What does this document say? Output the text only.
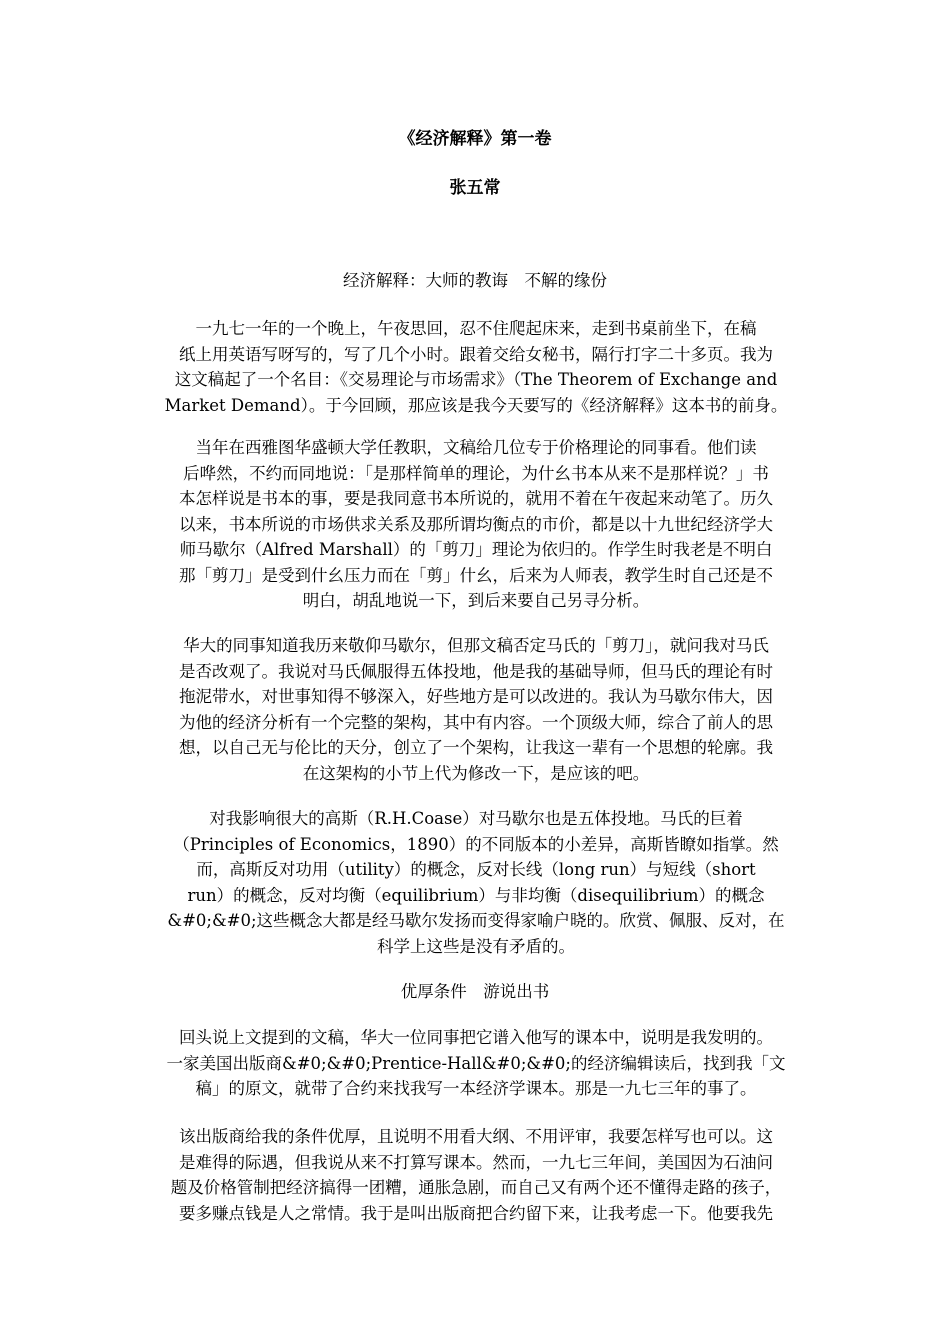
《经济解释》第一卷
张五常
经济解释：大师的教诲　不解的缘份
一九七一年的一个晚上，午夜思回，忍不住爬起床来，走到书桌前坐下，在稿
纸上用英语写呀写的，写了几个小时。跟着交给女秘书，隔行打字二十多页。我为
这文稿起了一个名目：《交易理论与市场需求》（The Theorem of Exchange and
Market Demand）。于今回顾，那应该是我今天要写的《经济解释》这本书的前身。
当年在西雅图华盛顿大学任教职，文稿给几位专于价格理论的同事看。他们读
后哗然，不约而同地说：「是那样简单的理论，为什幺书本从来不是那样说？」书
本怎样说是书本的事，要是我同意书本所说的，就用不着在午夜起来动笔了。历久
以来，书本所说的市场供求关系及那所谓均衡点的市价，都是以十九世纪经济学大
师马歇尔（Alfred Marshall）的「剪刀」理论为依归的。作学生时我老是不明白
那「剪刀」是受到什幺压力而在「剪」什幺，后来为人师表，教学生时自己还是不
明白，胡乱地说一下，到后来要自己另寻分析。
华大的同事知道我历来敬仰马歇尔，但那文稿否定马氏的「剪刀」，就问我对马氏
是否改观了。我说对马氏佩服得五体投地，他是我的基础导师，但马氏的理论有时
拖泥带水，对世事知得不够深入，好些地方是可以改进的。我认为马歇尔伟大，因
为他的经济分析有一个完整的架构，其中有内容。一个顶级大师，综合了前人的思
想，以自己无与伦比的天分，创立了一个架构，让我这一辈有一个思想的轮廓。我
在这架构的小节上代为修改一下，是应该的吧。
对我影响很大的高斯（R.H.Coase）对马歇尔也是五体投地。马氏的巨着
（Principles of Economics，1890）的不同版本的小差异，高斯皆瞭如指掌。然
而，高斯反对功用（utility）的概念，反对长线（long run）与短线（short
run）的概念，反对均衡（equilibrium）与非均衡（disequilibrium）的概念
&#0;&#0;这些概念大都是经马歇尔发扬而变得家喻户晓的。欣赏、佩服、反对，在
科学上这些是没有矛盾的。
优厚条件　游说出书
回头说上文提到的文稿，华大一位同事把它谱入他写的课本中，说明是我发明的。
一家美国出版商&#0;&#0;Prentice-Hall&#0;&#0;的经济编辑读后，找到我「文
稿」的原文，就带了合约来找我写一本经济学课本。那是一九七三年的事了。
该出版商给我的条件优厚，且说明不用看大纲、不用评审，我要怎样写也可以。这
是难得的际遇，但我说从来不打算写课本。然而，一九七三年间，美国因为石油问
题及价格管制把经济搞得一团糟，通胀急剧，而自己又有两个还不懂得走路的孩子，
要多赚点钱是人之常情。我于是叫出版商把合约留下来，让我考虑一下。他要我先
